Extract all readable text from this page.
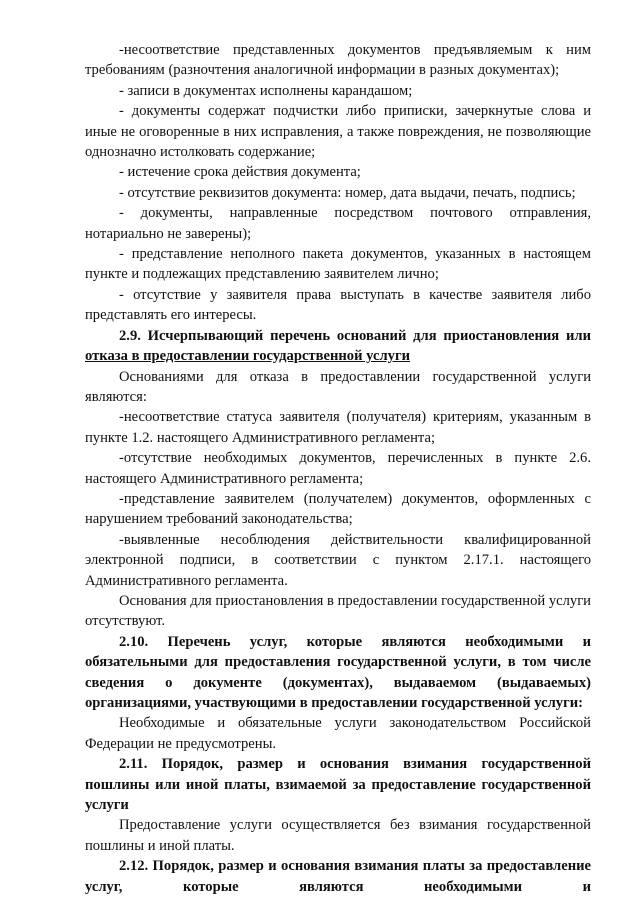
-несоответствие представленных документов предъявляемым к ним требованиям (разночтения аналогичной информации в разных документах);

- записи в документах исполнены карандашом;

- документы содержат подчистки либо приписки, зачеркнутые слова и иные не оговоренные в них исправления, а также повреждения, не позволяющие однозначно истолковать содержание;

- истечение срока действия документа;

- отсутствие реквизитов документа: номер, дата выдачи, печать, подпись;

- документы, направленные посредством почтового отправления, нотариально не заверены);

- представление неполного пакета документов, указанных в настоящем пункте и подлежащих представлению заявителем лично;

- отсутствие у заявителя права выступать в качестве заявителя либо представлять его интересы.

2.9. Исчерпывающий перечень оснований для приостановления или отказа в предоставлении государственной услуги

Основаниями для отказа в предоставлении государственной услуги являются:

-несоответствие статуса заявителя (получателя) критериям, указанным в пункте 1.2. настоящего Административного регламента;

-отсутствие необходимых документов, перечисленных в пункте 2.6. настоящего Административного регламента;

-представление заявителем (получателем) документов, оформленных с нарушением требований законодательства;

-выявленные несоблюдения действительности квалифицированной электронной подписи, в соответствии с пунктом 2.17.1. настоящего Административного регламента.

Основания для приостановления в предоставлении государственной услуги отсутствуют.

2.10. Перечень услуг, которые являются необходимыми и обязательными для предоставления государственной услуги, в том числе сведения о документе (документах), выдаваемом (выдаваемых) организациями, участвующими в предоставлении государственной услуги:

Необходимые и обязательные услуги законодательством Российской Федерации не предусмотрены.

2.11. Порядок, размер и основания взимания государственной пошлины или иной платы, взимаемой за предоставление государственной услуги

Предоставление услуги осуществляется без взимания государственной пошлины и иной платы.

2.12. Порядок, размер и основания взимания платы за предоставление услуг, которые являются необходимыми и
